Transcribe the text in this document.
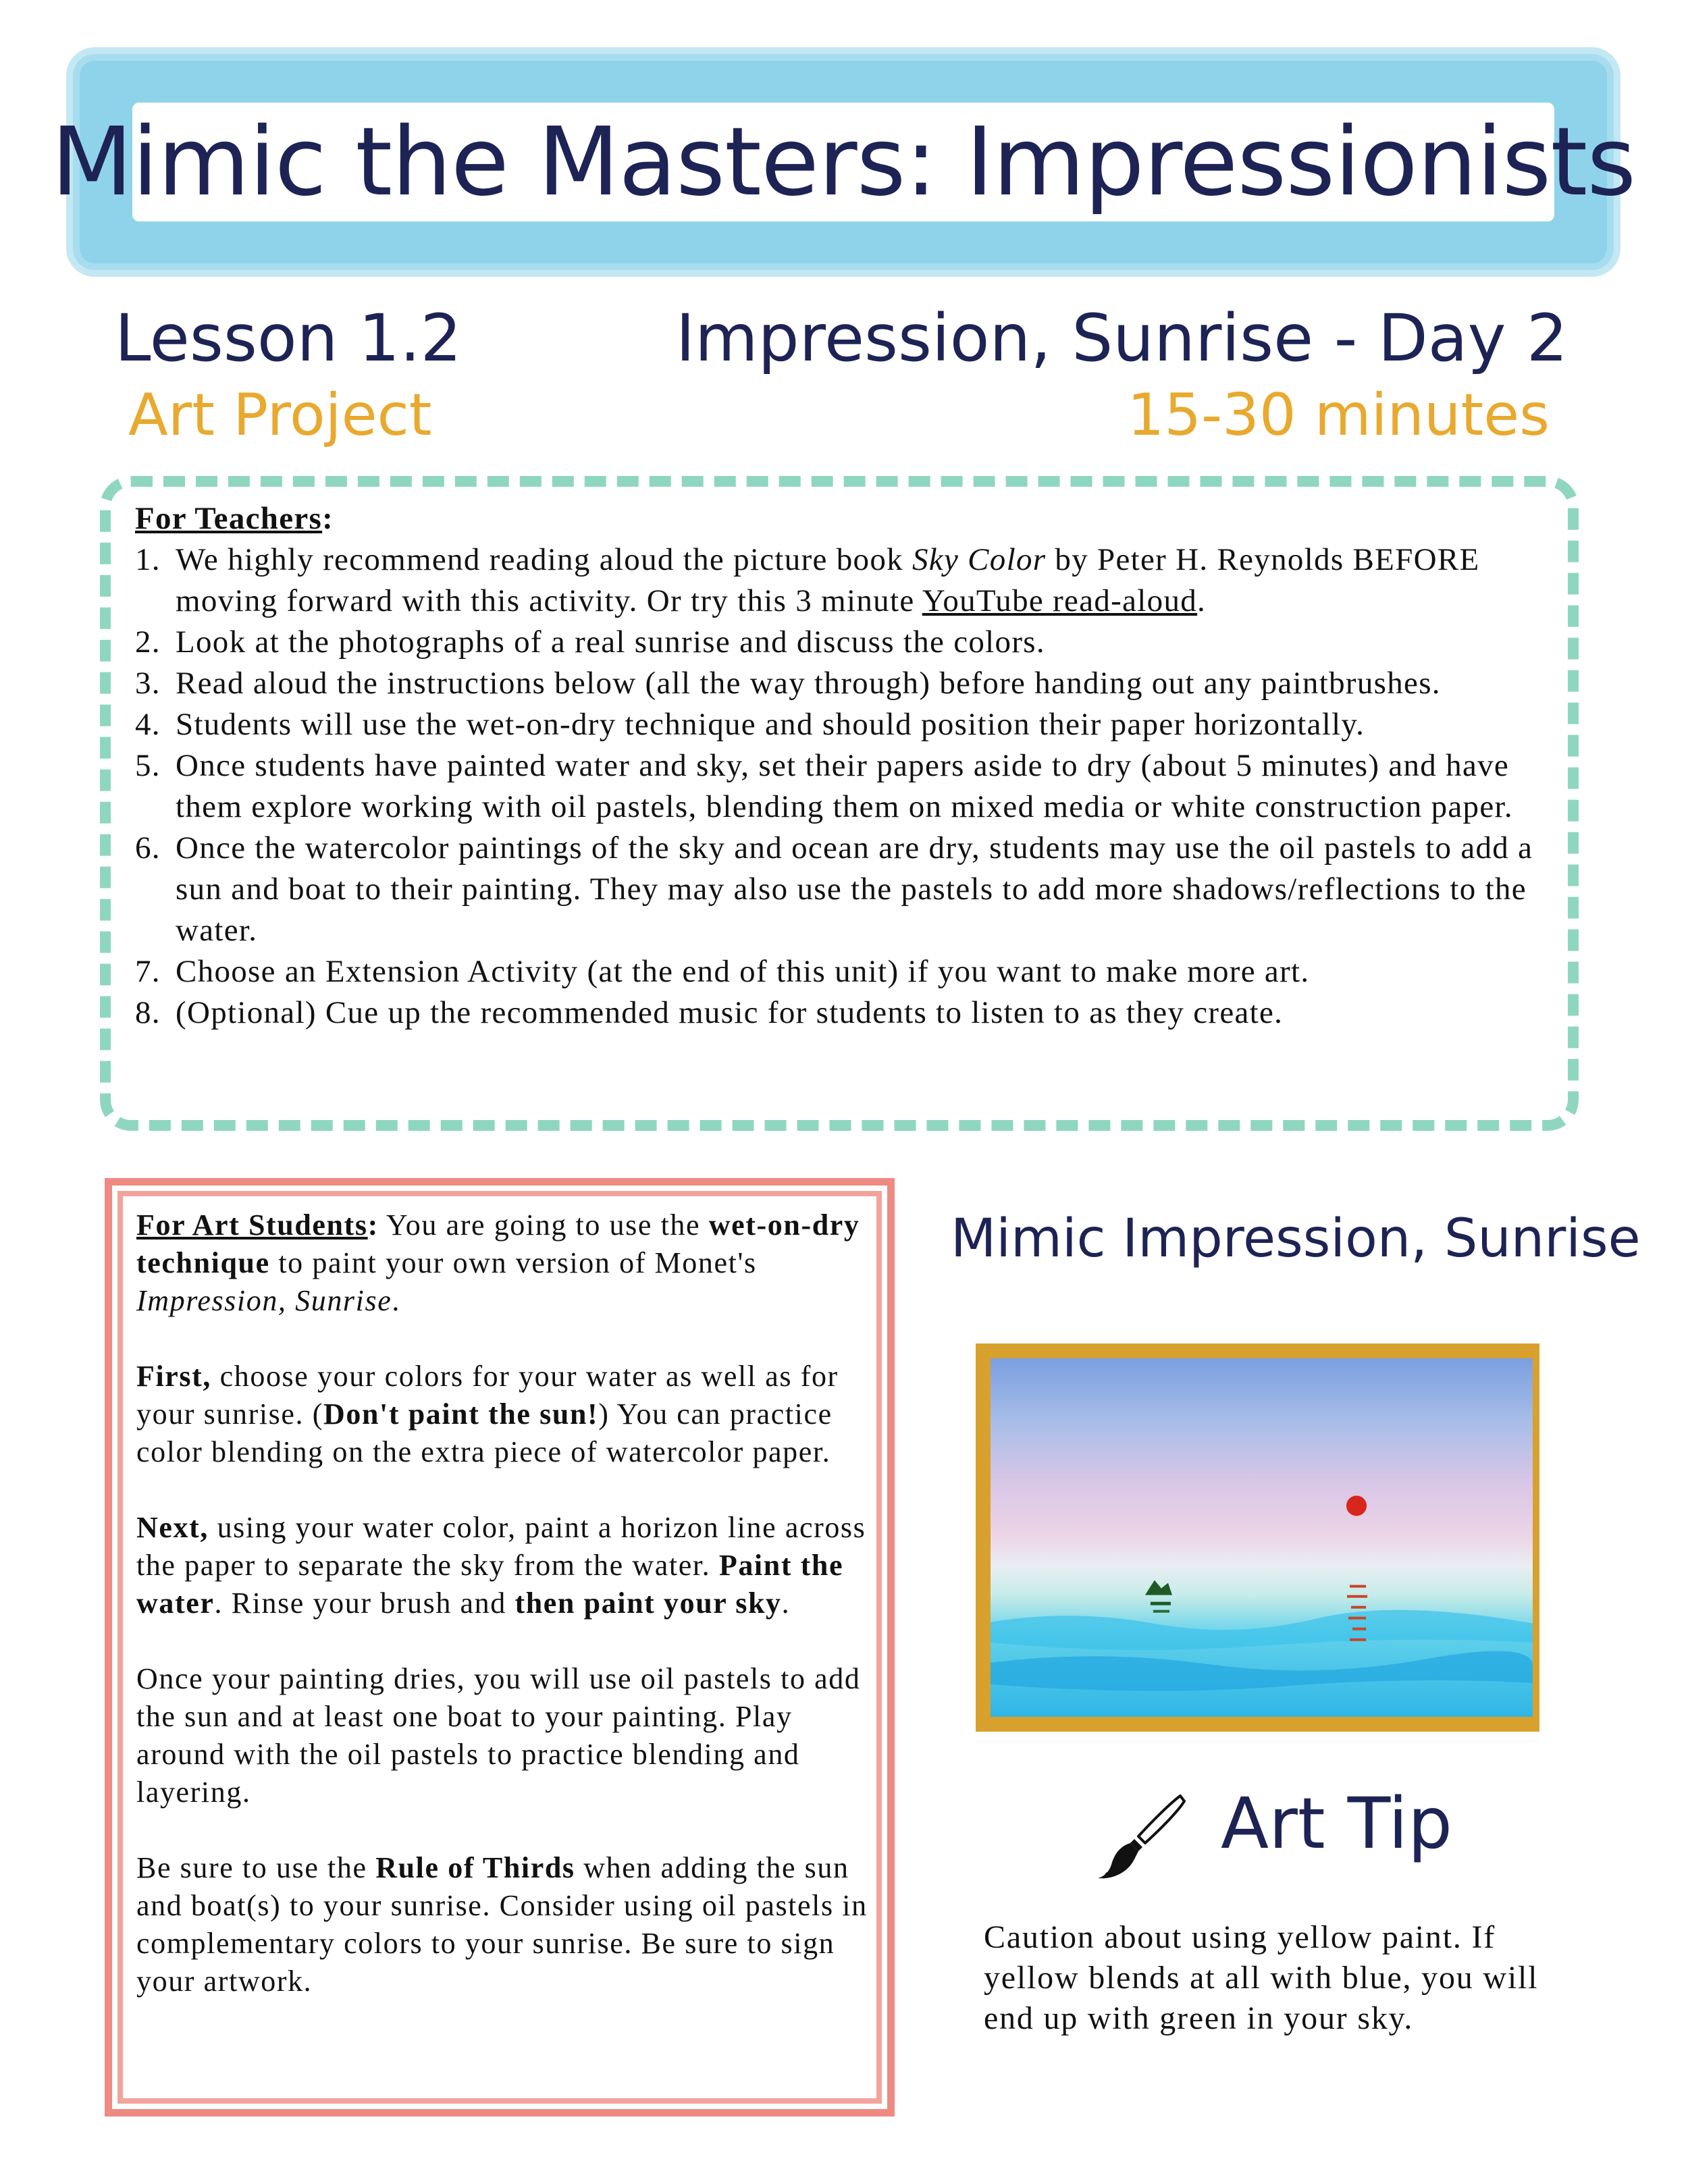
Mimic the Masters: Impressionists
Lesson 1.2	Impression, Sunrise - Day 2
Art Project	15-30 minutes
For Teachers:
1. We highly recommend reading aloud the picture book Sky Color by Peter H. Reynolds BEFORE moving forward with this activity. Or try this 3 minute YouTube read-aloud.
2. Look at the photographs of a real sunrise and discuss the colors.
3. Read aloud the instructions below (all the way through) before handing out any paintbrushes.
4. Students will use the wet-on-dry technique and should position their paper horizontally.
5. Once students have painted water and sky, set their papers aside to dry (about 5 minutes) and have them explore working with oil pastels, blending them on mixed media or white construction paper.
6. Once the watercolor paintings of the sky and ocean are dry, students may use the oil pastels to add a sun and boat to their painting. They may also use the pastels to add more shadows/reflections to the water.
7. Choose an Extension Activity (at the end of this unit) if you want to make more art.
8. (Optional) Cue up the recommended music for students to listen to as they create.

For Art Students: You are going to use the wet-on-dry technique to paint your own version of Monet's Impression, Sunrise.

First, choose your colors for your water as well as for your sunrise. (Don't paint the sun!) You can practice color blending on the extra piece of watercolor paper.

Next, using your water color, paint a horizon line across the paper to separate the sky from the water. Paint the water. Rinse your brush and then paint your sky.

Once your painting dries, you will use oil pastels to add the sun and at least one boat to your painting. Play around with the oil pastels to practice blending and layering.

Be sure to use the Rule of Thirds when adding the sun and boat(s) to your sunrise. Consider using oil pastels in complementary colors to your sunrise. Be sure to sign your artwork.

Mimic Impression, Sunrise
Art Tip
Caution about using yellow paint. If yellow blends at all with blue, you will end up with green in your sky.
